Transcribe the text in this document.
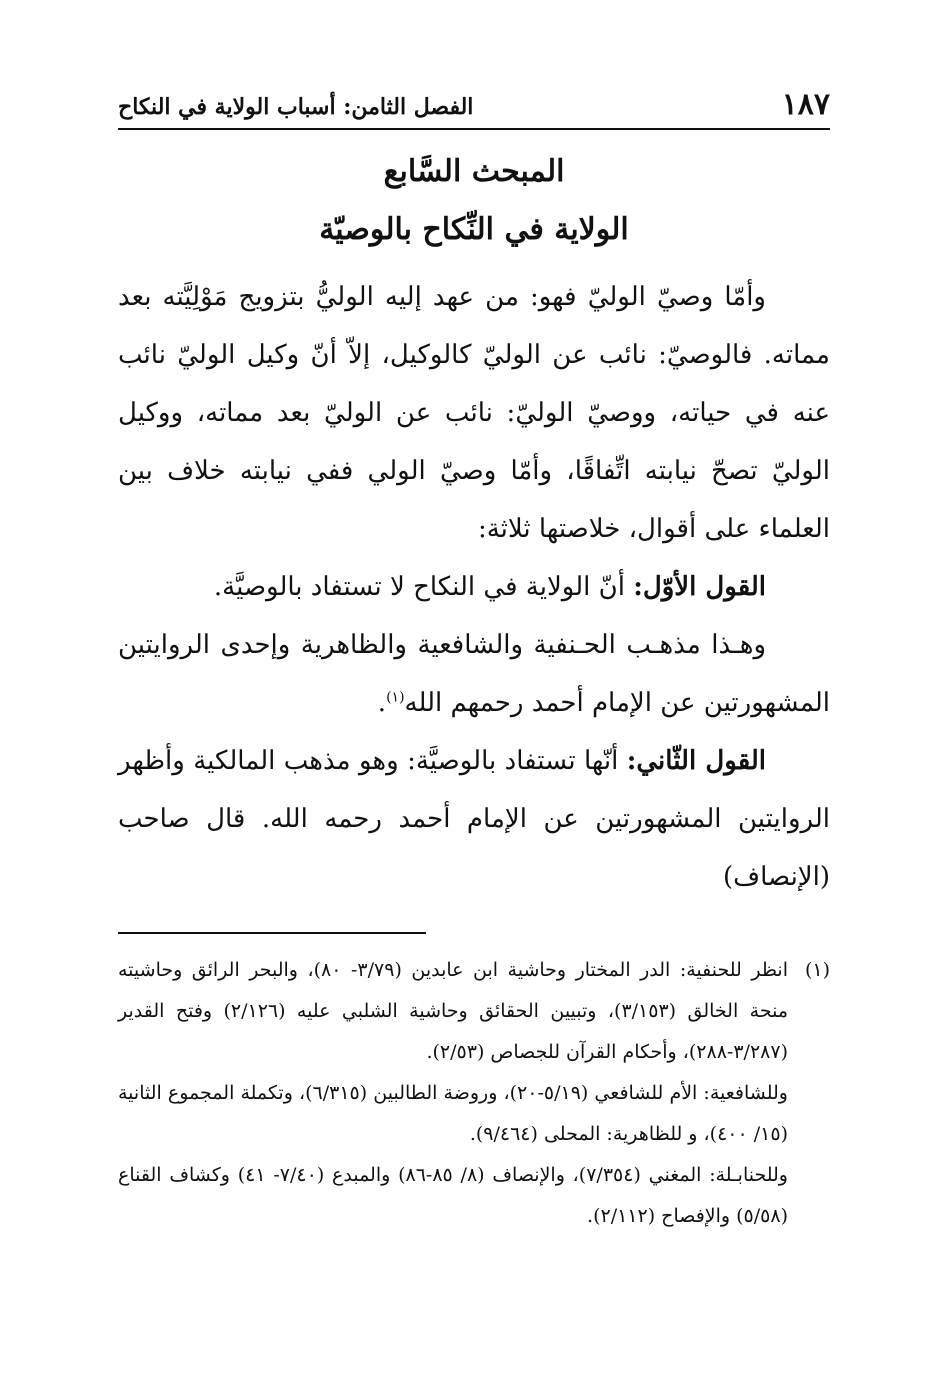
١٨٧
الفصل الثامن: أسباب الولاية في النكاح
المبحث السَّابع
الولاية في النِّكاح بالوصيّة

وأمّا وصيّ الوليّ فهو: من عهد إليه الوليُّ بتزويج مَوْلِيَّته بعد مماته. فالوصيّ: نائب عن الوليّ كالوكيل، إلاّ أنّ وكيل الوليّ نائب عنه في حياته، ووصيّ الوليّ: نائب عن الوليّ بعد مماته، ووكيل الوليّ تصحّ نيابته اتِّفاقًا، وأمّا وصيّ الولي ففي نيابته خلاف بين العلماء على أقوال، خلاصتها ثلاثة:

القول الأوّل: أنّ الولاية في النكاح لا تستفاد بالوصيَّة.

وهـذا مذهـب الحـنفية والشافعية والظاهرية وإحدى الروايتين المشهورتين عن الإمام أحمد رحمهم الله$^{(١)}$.

القول الثّاني: أنّها تستفاد بالوصيَّة: وهو مذهب المالكية وأظهر الروايتين المشهورتين عن الإمام أحمد رحمه الله. قال صاحب (الإنصاف)

(١)انظر للحنفية: الدر المختار وحاشية ابن عابدين (٣/٧٩- ٨٠)، والبحر الرائق وحاشيته منحة الخالق (٣/١٥٣)، وتبيين الحقائق وحاشية الشلبي عليه (٢/١٢٦) وفتح القدير (٣/٢٨٧-٢٨٨)، وأحكام القرآن للجصاص (٢/٥٣).

وللشافعية: الأم للشافعي (٥/١٩-٢٠)، وروضة الطالبين (٦/٣١٥)، وتكملة المجموع الثانية (١٥/ ٤٠٠)، و للظاهرية: المحلى (٩/٤٦٤).

وللحنابـلة: المغني (٧/٣٥٤)، والإنصاف (٨/ ٨٥-٨٦) والمبدع (٧/٤٠- ٤١) وكشاف القناع (٥/٥٨) والإفصاح (٢/١١٢).
